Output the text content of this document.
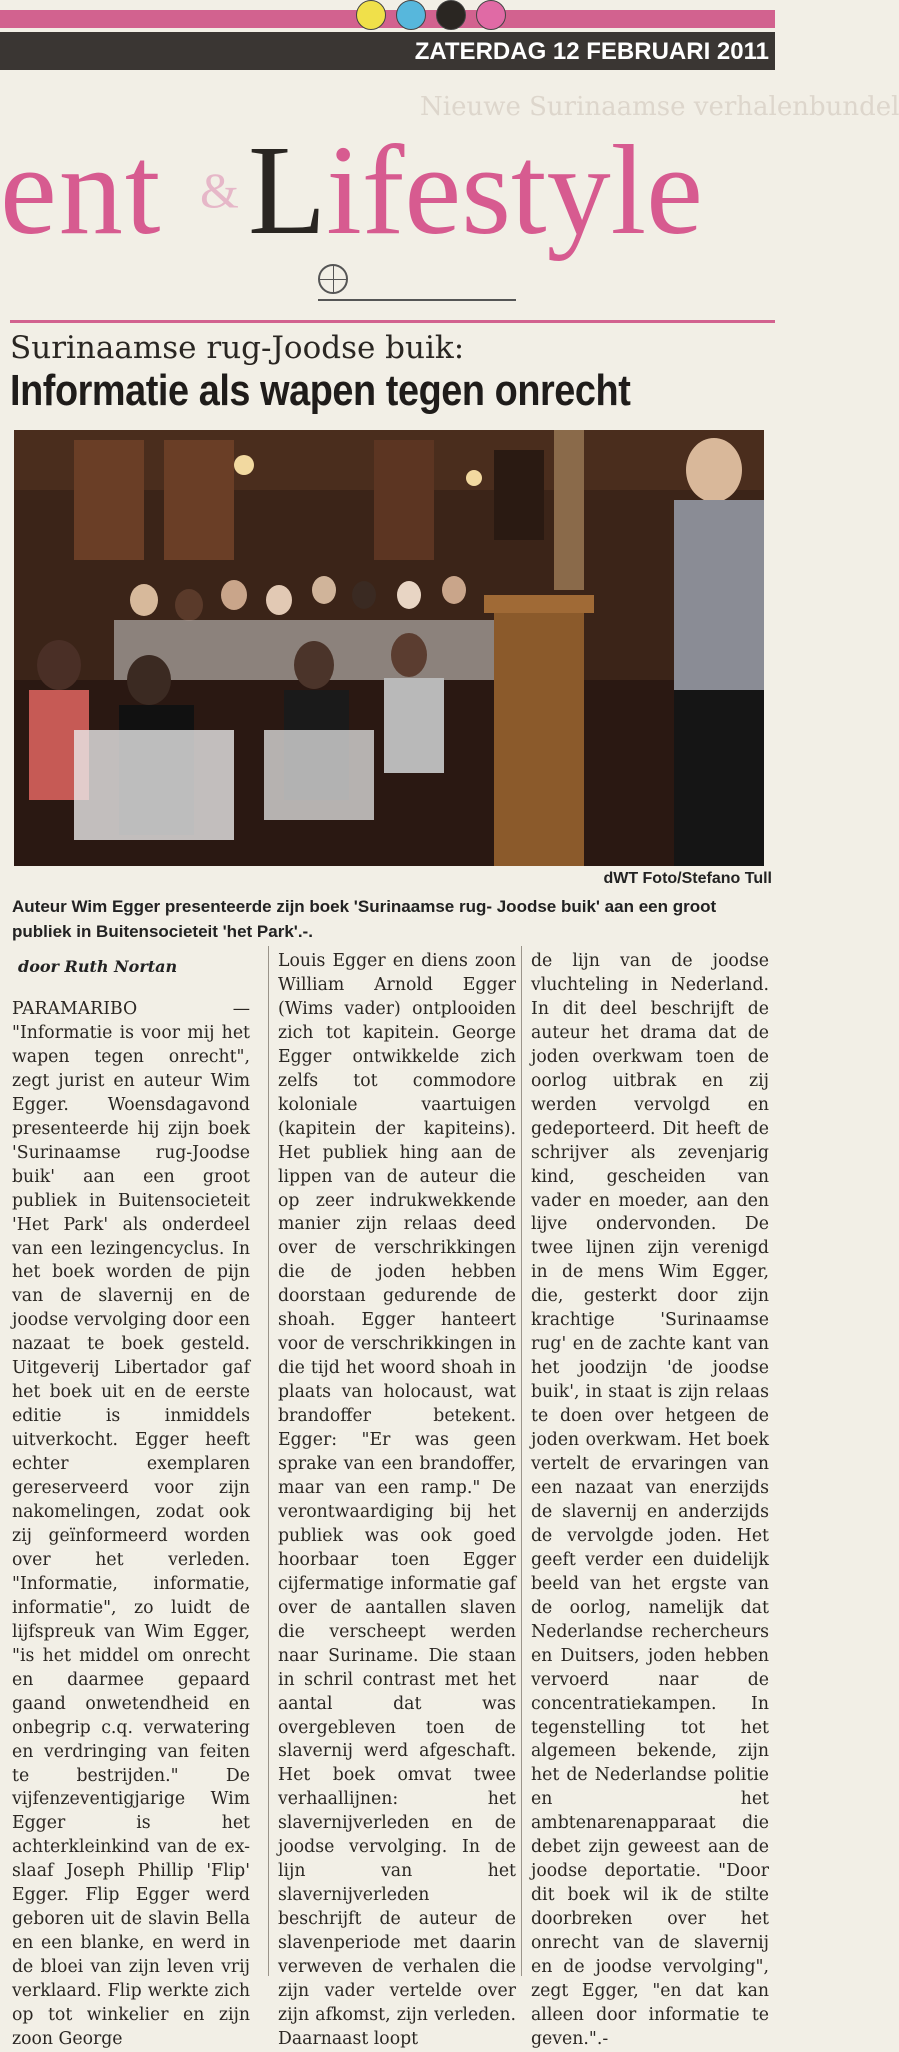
ZATERDAG 12 FEBRUARI 2011
Nieuwe Surinaamse verhalenbundel
ent & Lifestyle
Surinaamse rug-Joodse buik:
Informatie als wapen tegen onrecht
dWT Foto/Stefano Tull
Auteur Wim Egger presenteerde zijn boek 'Surinaamse rug- Joodse buik' aan een groot publiek in Buitensocieteit 'het Park'.-.
door Ruth Nortan

PARAMARIBO — "Informatie is voor mij het wapen tegen onrecht", zegt jurist en auteur Wim Egger. Woensdagavond presenteerde hij zijn boek 'Surinaamse rug-Joodse buik' aan een groot publiek in Buitensocieteit 'Het Park' als onderdeel van een lezingencyclus. In het boek worden de pijn van de slavernij en de joodse vervolging door een nazaat te boek gesteld. Uitgeverij Libertador gaf het boek uit en de eerste editie is inmiddels uitverkocht. Egger heeft echter exemplaren gereserveerd voor zijn nakomelingen, zodat ook zij geïnformeerd worden over het verleden. "Informatie, informatie, informatie", zo luidt de lijfspreuk van Wim Egger, "is het middel om onrecht en daarmee gepaard gaand onwetendheid en onbegrip c.q. verwatering en verdringing van feiten te bestrijden." De vijfenzeventigjarige Wim Egger is het achterkleinkind van de ex-slaaf Joseph Phillip 'Flip' Egger. Flip Egger werd geboren uit de slavin Bella en een blanke, en werd in de bloei van zijn leven vrij verklaard. Flip werkte zich op tot winkelier en zijn zoon George

Louis Egger en diens zoon William Arnold Egger (Wims vader) ontplooiden zich tot kapitein. George Egger ontwikkelde zich zelfs tot commodore koloniale vaartuigen (kapitein der kapiteins). Het publiek hing aan de lippen van de auteur die op zeer indrukwekkende manier zijn relaas deed over de verschrikkingen die de joden hebben doorstaan gedurende de shoah. Egger hanteert voor de verschrikkingen in die tijd het woord shoah in plaats van holocaust, wat brandoffer betekent. Egger: "Er was geen sprake van een brandoffer, maar van een ramp." De verontwaardiging bij het publiek was ook goed hoorbaar toen Egger cijfermatige informatie gaf over de aantallen slaven die verscheept werden naar Suriname. Die staan in schril contrast met het aantal dat was overgebleven toen de slavernij werd afgeschaft. Het boek omvat twee verhaallijnen: het slavernijverleden en de joodse vervolging. In de lijn van het slavernijverleden beschrijft de auteur de slavenperiode met daarin verweven de verhalen die zijn vader vertelde over zijn afkomst, zijn verleden. Daarnaast loopt

de lijn van de joodse vluchteling in Nederland. In dit deel beschrijft de auteur het drama dat de joden overkwam toen de oorlog uitbrak en zij werden vervolgd en gedeporteerd. Dit heeft de schrijver als zevenjarig kind, gescheiden van vader en moeder, aan den lijve ondervonden. De twee lijnen zijn verenigd in de mens Wim Egger, die, gesterkt door zijn krachtige 'Surinaamse rug' en de zachte kant van het joodzijn 'de joodse buik', in staat is zijn relaas te doen over hetgeen de joden overkwam. Het boek vertelt de ervaringen van een nazaat van enerzijds de slavernij en anderzijds de vervolgde joden. Het geeft verder een duidelijk beeld van het ergste van de oorlog, namelijk dat Nederlandse rechercheurs en Duitsers, joden hebben vervoerd naar de concentratiekampen. In tegenstelling tot het algemeen bekende, zijn het de Nederlandse politie en het ambtenarenapparaat die debet zijn geweest aan de joodse deportatie. "Door dit boek wil ik de stilte doorbreken over het onrecht van de slavernij en de joodse vervolging", zegt Egger, "en dat kan alleen door informatie te geven.".-
